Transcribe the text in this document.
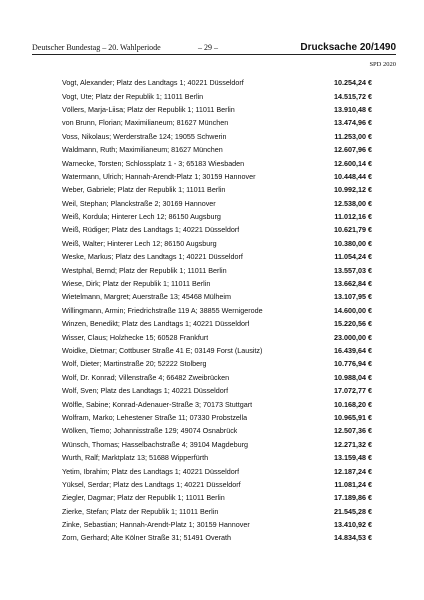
Deutscher Bundestag – 20. Wahlperiode	– 29 –	Drucksache 20/1490
SPD 2020
Vogt, Alexander; Platz des Landtags 1; 40221 Düsseldorf	10.254,24 €
Vogt, Ute; Platz der Republik 1; 11011 Berlin	14.515,72 €
Völlers, Marja-Liisa; Platz der Republik 1; 11011 Berlin	13.910,48 €
von Brunn, Florian; Maximilianeum; 81627 München	13.474,96 €
Voss, Nikolaus; Werderstraße 124; 19055 Schwerin	11.253,00 €
Waldmann, Ruth; Maximilianeum; 81627 München	12.607,96 €
Warnecke, Torsten; Schlossplatz 1 - 3; 65183 Wiesbaden	12.600,14 €
Watermann, Ulrich; Hannah-Arendt-Platz 1; 30159 Hannover	10.448,44 €
Weber, Gabriele; Platz der Republik 1; 11011 Berlin	10.992,12 €
Weil, Stephan; Planckstraße 2; 30169 Hannover	12.538,00 €
Weiß, Kordula; Hinterer Lech 12; 86150 Augsburg	11.012,16 €
Weiß, Rüdiger; Platz des Landtags 1; 40221 Düsseldorf	10.621,79 €
Weiß, Walter; Hinterer Lech 12; 86150 Augsburg	10.380,00 €
Weske, Markus; Platz des Landtags 1; 40221 Düsseldorf	11.054,24 €
Westphal, Bernd; Platz der Republik 1; 11011 Berlin	13.557,03 €
Wiese, Dirk; Platz der Republik 1; 11011 Berlin	13.662,84 €
Wietelmann, Margret; Auerstraße 13; 45468 Mülheim	13.107,95 €
Willingmann, Armin; Friedrichstraße 119 A; 38855 Wernigerode	14.600,00 €
Winzen, Benedikt; Platz des Landtags 1; 40221 Düsseldorf	15.220,56 €
Wisser, Claus; Holzhecke 15; 60528 Frankfurt	23.000,00 €
Woidke, Dietmar; Cottbuser Straße 41 E; 03149 Forst (Lausitz)	16.439,64 €
Wolf, Dieter; Martinstraße 20; 52222 Stolberg	10.776,94 €
Wolf, Dr. Konrad; Villenstraße 4; 66482 Zweibrücken	10.988,04 €
Wolf, Sven; Platz des Landtags 1; 40221 Düsseldorf	17.072,77 €
Wölfle, Sabine; Konrad-Adenauer-Straße 3; 70173 Stuttgart	10.168,20 €
Wolfram, Marko; Lehestener Straße 11; 07330 Probstzella	10.965,91 €
Wölken, Tiemo; Johannisstraße 129; 49074 Osnabrück	12.507,36 €
Wünsch, Thomas; Hasselbachstraße 4; 39104 Magdeburg	12.271,32 €
Wurth, Ralf; Marktplatz 13; 51688 Wipperfürth	13.159,48 €
Yetim, Ibrahim; Platz des Landtags 1; 40221 Düsseldorf	12.187,24 €
Yüksel, Serdar; Platz des Landtags 1; 40221 Düsseldorf	11.081,24 €
Ziegler, Dagmar; Platz der Republik 1; 11011 Berlin	17.189,86 €
Zierke, Stefan; Platz der Republik 1; 11011 Berlin	21.545,28 €
Zinke, Sebastian; Hannah-Arendt-Platz 1; 30159 Hannover	13.410,92 €
Zorn, Gerhard; Alte Kölner Straße 31; 51491 Overath	14.834,53 €
